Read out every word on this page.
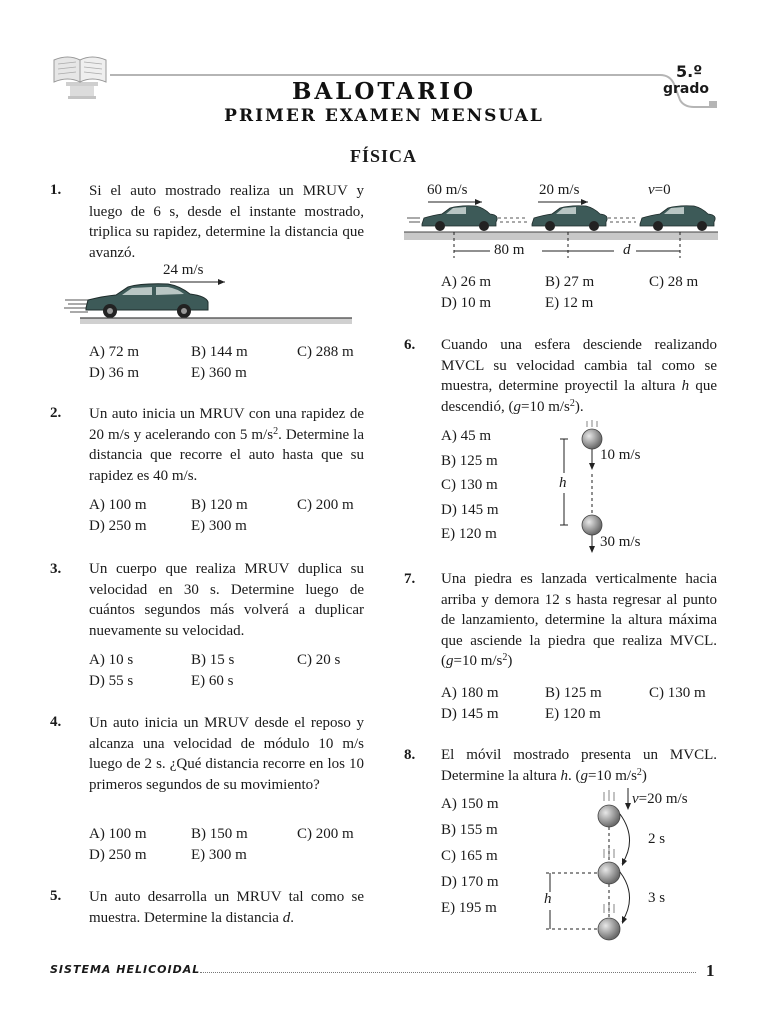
BALOTARIO
PRIMER EXAMEN MENSUAL
5.º
grado
FÍSICA
1. Si el auto mostrado realiza un MRUV y luego de 6 s, desde el instante mostrado, triplica su rapidez, determine la distancia que avanzó.
24 m/s
A) 72 m	B) 144 m	C) 288 m
D) 36 m	E) 360 m
2. Un auto inicia un MRUV con una rapidez de 20 m/s y acelerando con 5 $m/s^2$. Determine la distancia que recorre el auto hasta que su rapidez es 40 m/s.
A) 100 m	B) 120 m	C) 200 m
D) 250 m	E) 300 m
3. Un cuerpo que realiza MRUV duplica su velocidad en 30 s. Determine luego de cuántos segundos más volverá a duplicar nuevamente su velocidad.
A) 10 s	B) 15 s	C) 20 s
D) 55 s	E) 60 s
4. Un auto inicia un MRUV desde el reposo y alcanza una velocidad de módulo 10 m/s luego de 2 s. ¿Qué distancia recorre en los 10 primeros segundos de su movimiento?
A) 100 m	B) 150 m	C) 200 m
D) 250 m	E) 300 m
5. Un auto desarrolla un MRUV tal como se muestra. Determine la distancia d.
60 m/s	20 m/s	v=0
80 m	d
A) 26 m	B) 27 m	C) 28 m
D) 10 m	E) 12 m
6. Cuando una esfera desciende realizando MVCL su velocidad cambia tal como se muestra, determine proyectil la altura h que descendió, (g=10 $m/s^2$).
A) 45 m
B) 125 m
C) 130 m
D) 145 m
E) 120 m
10 m/s
30 m/s
h
7. Una piedra es lanzada verticalmente hacia arriba y demora 12 s hasta regresar al punto de lanzamiento, determine la altura máxima que asciende la piedra que realiza MVCL. (g=10 $m/s^2$)
A) 180 m	B) 125 m	C) 130 m
D) 145 m	E) 120 m
8. El móvil mostrado presenta un MVCL. Determine la altura h. (g=10 $m/s^2$)
A) 150 m
B) 155 m
C) 165 m
D) 170 m
E) 195 m
v=20 m/s
2 s
3 s
h
SISTEMA HELICOIDAL	1
